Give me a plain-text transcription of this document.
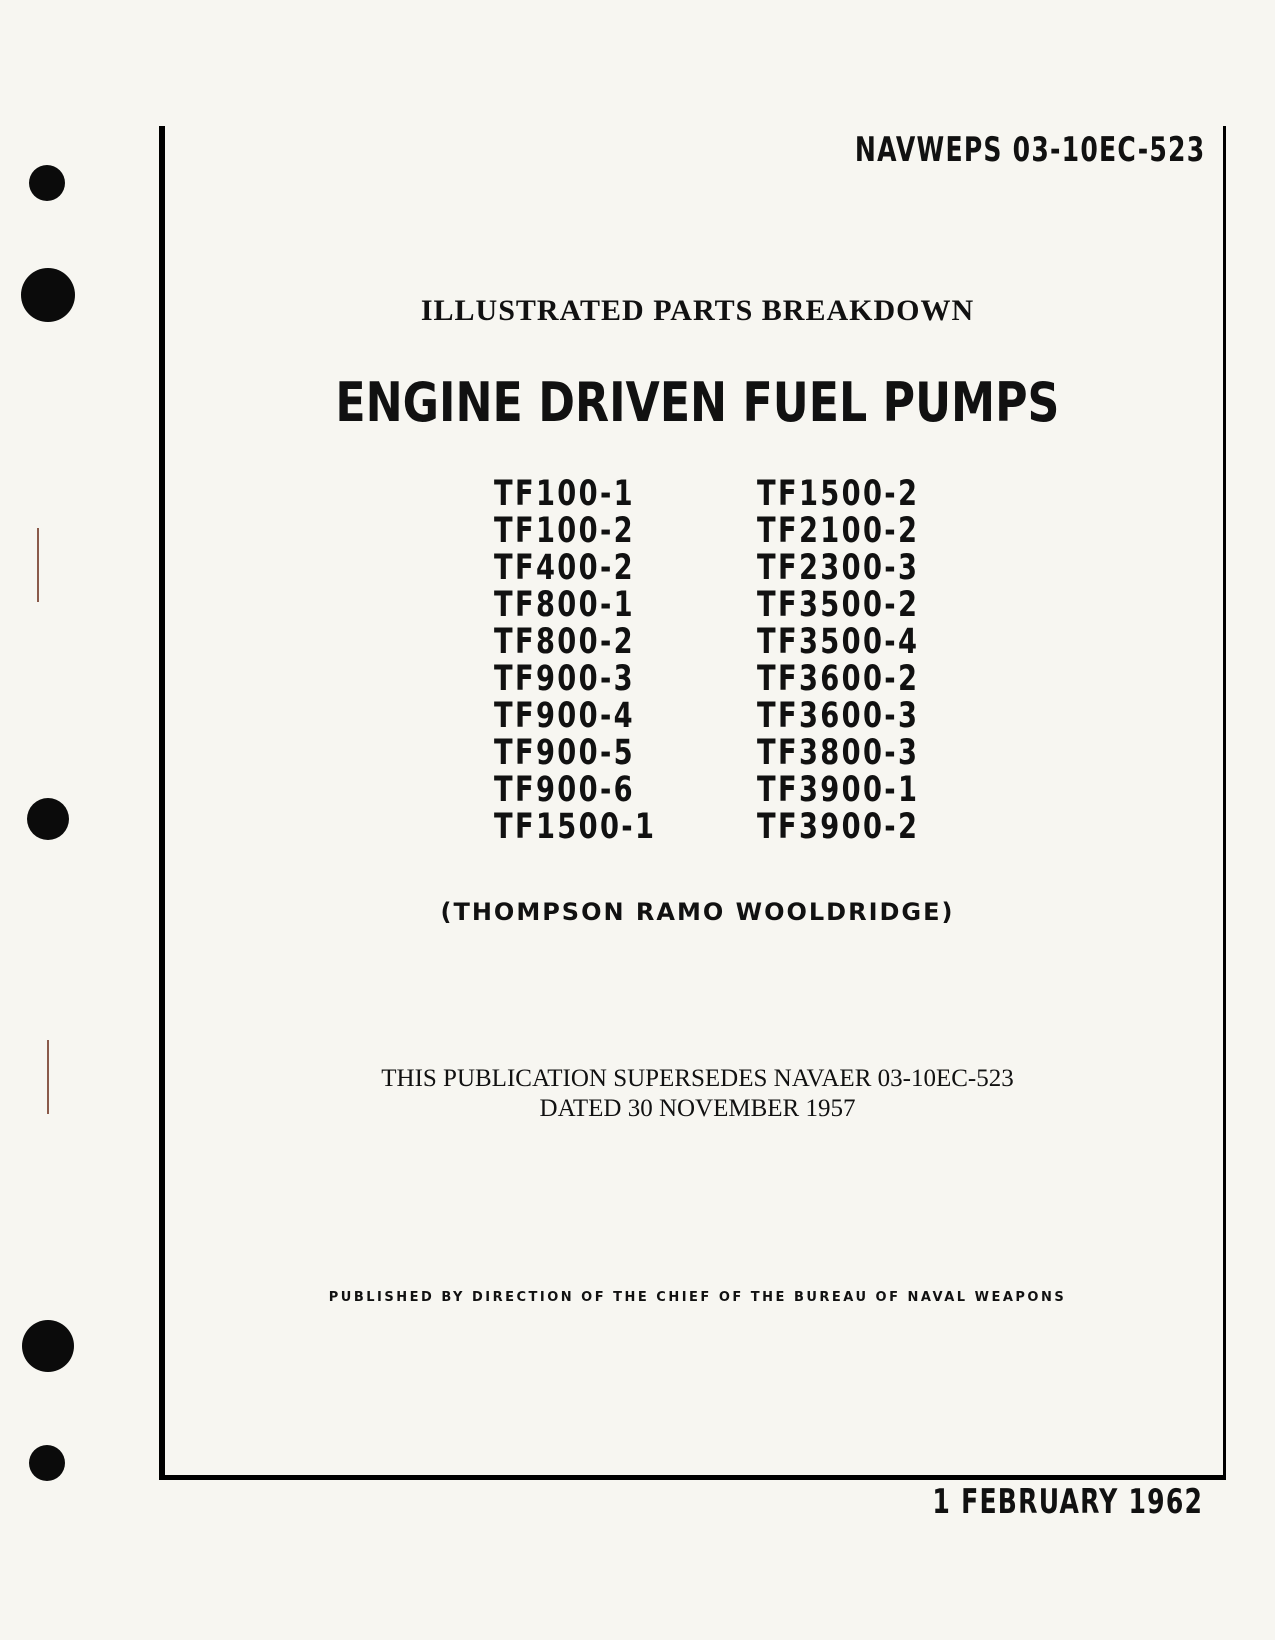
NAVWEPS 03-10EC-523
ILLUSTRATED PARTS BREAKDOWN
ENGINE DRIVEN FUEL PUMPS
TF100-1
TF100-2
TF400-2
TF800-1
TF800-2
TF900-3
TF900-4
TF900-5
TF900-6
TF1500-1
TF1500-2
TF2100-2
TF2300-3
TF3500-2
TF3500-4
TF3600-2
TF3600-3
TF3800-3
TF3900-1
TF3900-2
(THOMPSON RAMO WOOLDRIDGE)
THIS PUBLICATION SUPERSEDES NAVAER 03-10EC-523
DATED 30 NOVEMBER 1957
PUBLISHED BY DIRECTION OF THE CHIEF OF THE BUREAU OF NAVAL WEAPONS
1 FEBRUARY 1962
